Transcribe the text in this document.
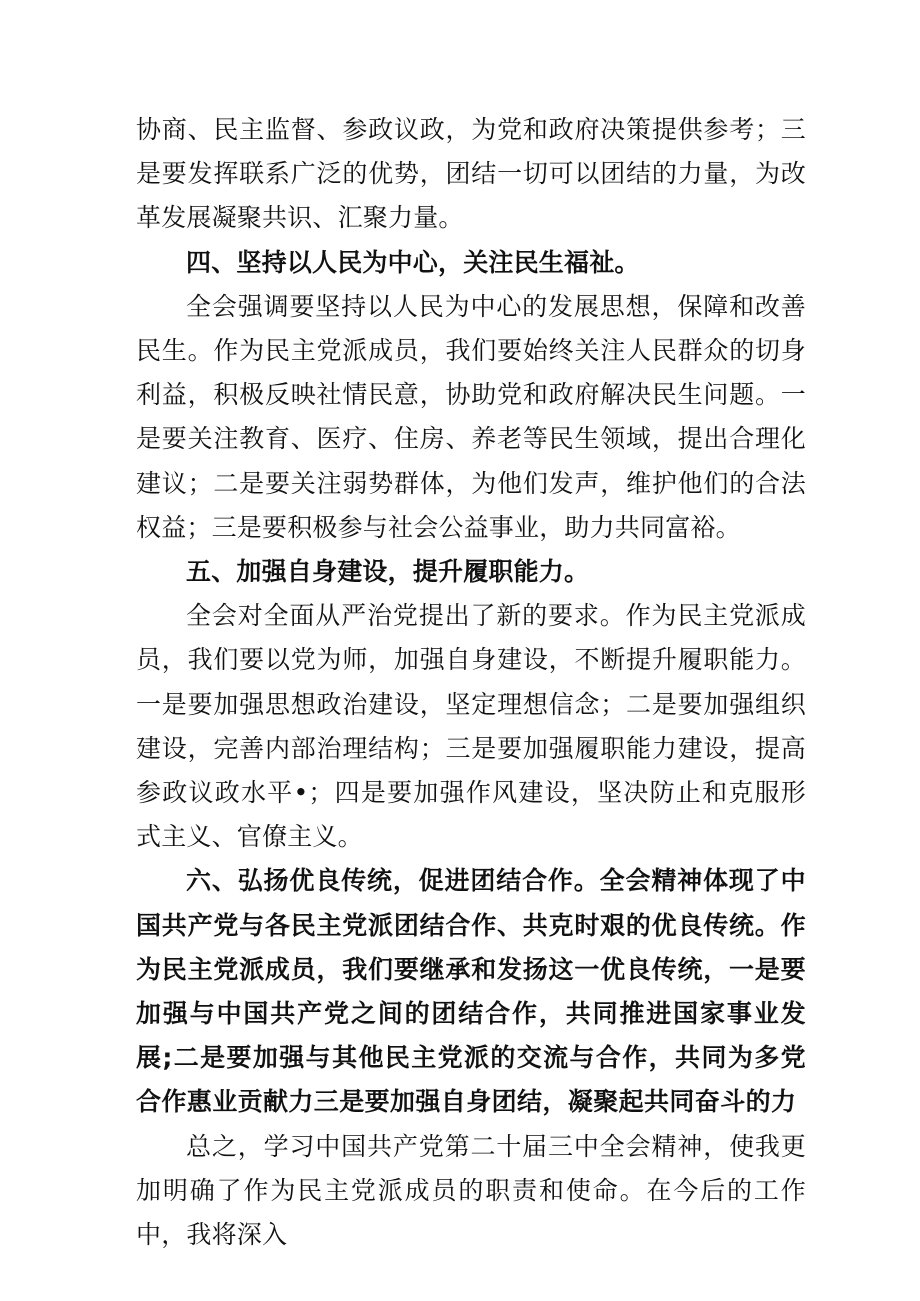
协商、民主监督、参政议政，为党和政府决策提供参考；三是要发挥联系广泛的优势，团结一切可以团结的力量，为改革发展凝聚共识、汇聚力量。

四、坚持以人民为中心，关注民生福祉。

全会强调要坚持以人民为中心的发展思想，保障和改善民生。作为民主党派成员，我们要始终关注人民群众的切身利益，积极反映社情民意，协助党和政府解决民生问题。一是要关注教育、医疗、住房、养老等民生领域，提出合理化建议；二是要关注弱势群体，为他们发声，维护他们的合法权益；三是要积极参与社会公益事业，助力共同富裕。

五、加强自身建设，提升履职能力。

全会对全面从严治党提出了新的要求。作为民主党派成员，我们要以党为师，加强自身建设，不断提升履职能力。一是要加强思想政治建设，坚定理想信念；二是要加强组织建设，完善内部治理结构；三是要加强履职能力建设，提高参政议政水平•；四是要加强作风建设，坚决防止和克服形式主义、官僚主义。

六、弘扬优良传统，促进团结合作。全会精神体现了中国共产党与各民主党派团结合作、共克时艰的优良传统。作为民主党派成员，我们要继承和发扬这一优良传统，一是要加强与中国共产党之间的团结合作，共同推进国家事业发展;二是要加强与其他民主党派的交流与合作，共同为多党合作惠业贡献力三是要加强自身团结，凝聚起共同奋斗的力

总之，学习中国共产党第二十届三中全会精神，使我更加明确了作为民主党派成员的职责和使命。在今后的工作中，我将深入
